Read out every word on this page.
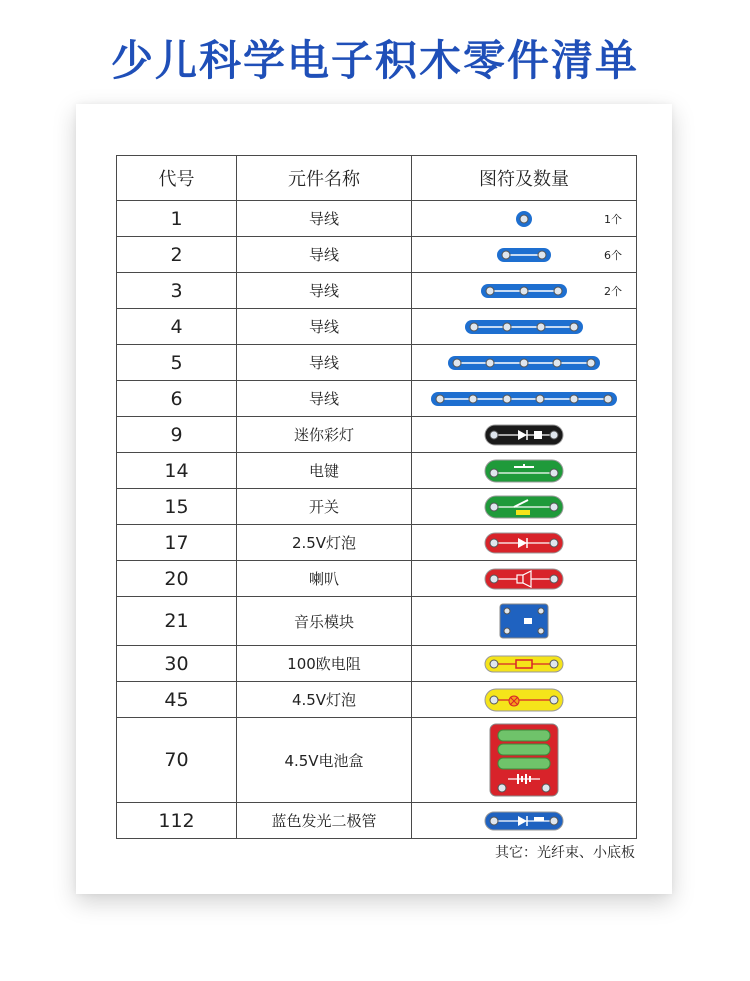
少儿科学电子积木零件清单
代号	元件名称	图符及数量
1	导线	1个

2	导线	6个

3	导线	2个

4	导线	

5	导线	

6	导线	

9	迷你彩灯	

14	电键	

15	开关	

17	2.5V灯泡	

20	喇叭	

21	音乐模块	

30	100欧电阻	

45	4.5V灯泡	

70	4.5V电池盒	

112	蓝色发光二极管	
其它：光纤束、小底板
